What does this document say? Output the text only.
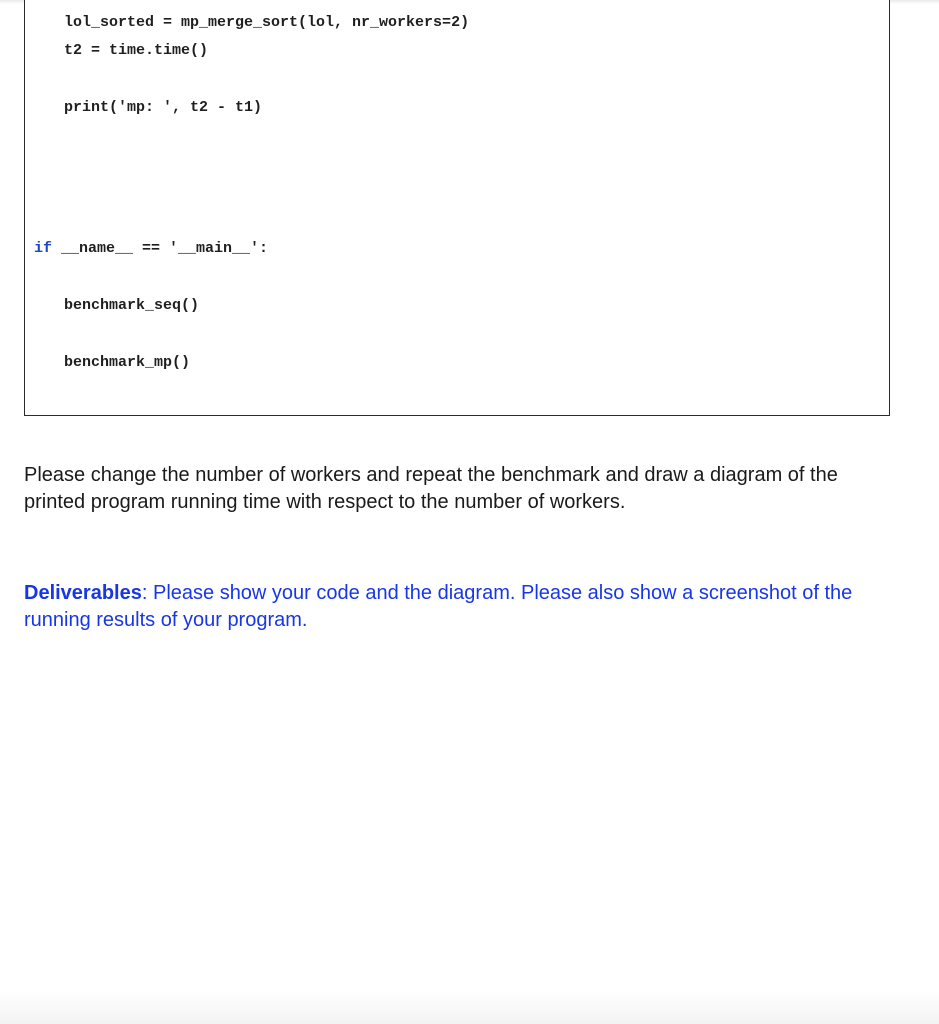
lol_sorted = mp_merge_sort(lol, nr_workers=2)
t2 = time.time()
print('mp: ', t2 - t1)
if __name__ == '__main__':
benchmark_seq()
benchmark_mp()
Please change the number of workers and repeat the benchmark and draw a diagram of the printed program running time with respect to the number of workers.
Deliverables: Please show your code and the diagram. Please also show a screenshot of the running results of your program.
